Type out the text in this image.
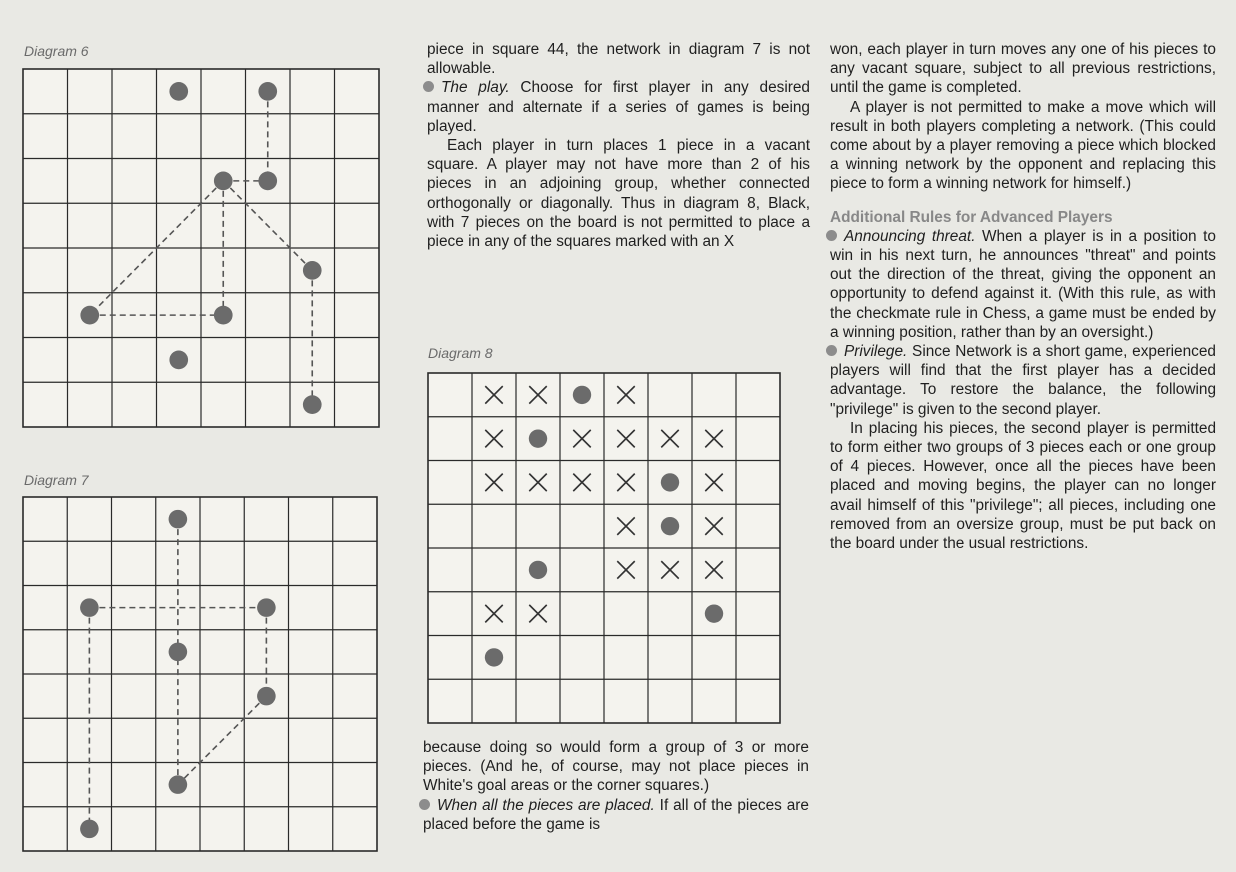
Diagram 6
Diagram 7

piece in square 44, the network in diagram 7 is not allowable.

The play. Choose for first player in any desired manner and alternate if a series of games is being played.

Each player in turn places 1 piece in a vacant square. A player may not have more than 2 of his pieces in an adjoining group, whether connected orthogonally or diagonally. Thus in diagram 8, Black, with 7 pieces on the board is not permitted to place a piece in any of the squares marked with an X

Diagram 8

because doing so would form a group of 3 or more pieces. (And he, of course, may not place pieces in White's goal areas or the corner squares.)

When all the pieces are placed. If all of the pieces are placed before the game is

won, each player in turn moves any one of his pieces to any vacant square, subject to all previous restrictions, until the game is completed.

A player is not permitted to make a move which will result in both players completing a network. (This could come about by a player removing a piece which blocked a winning network by the opponent and replacing this piece to form a winning network for himself.)

Additional Rules for Advanced Players

Announcing threat. When a player is in a position to win in his next turn, he announces "threat" and points out the direction of the threat, giving the opponent an opportunity to defend against it. (With this rule, as with the checkmate rule in Chess, a game must be ended by a winning position, rather than by an oversight.)

Privilege. Since Network is a short game, experienced players will find that the first player has a decided advantage. To restore the balance, the following "privilege" is given to the second player.

In placing his pieces, the second player is permitted to form either two groups of 3 pieces each or one group of 4 pieces. However, once all the pieces have been placed and moving begins, the player can no longer avail himself of this "privilege"; all pieces, including one removed from an oversize group, must be put back on the board under the usual restrictions.
